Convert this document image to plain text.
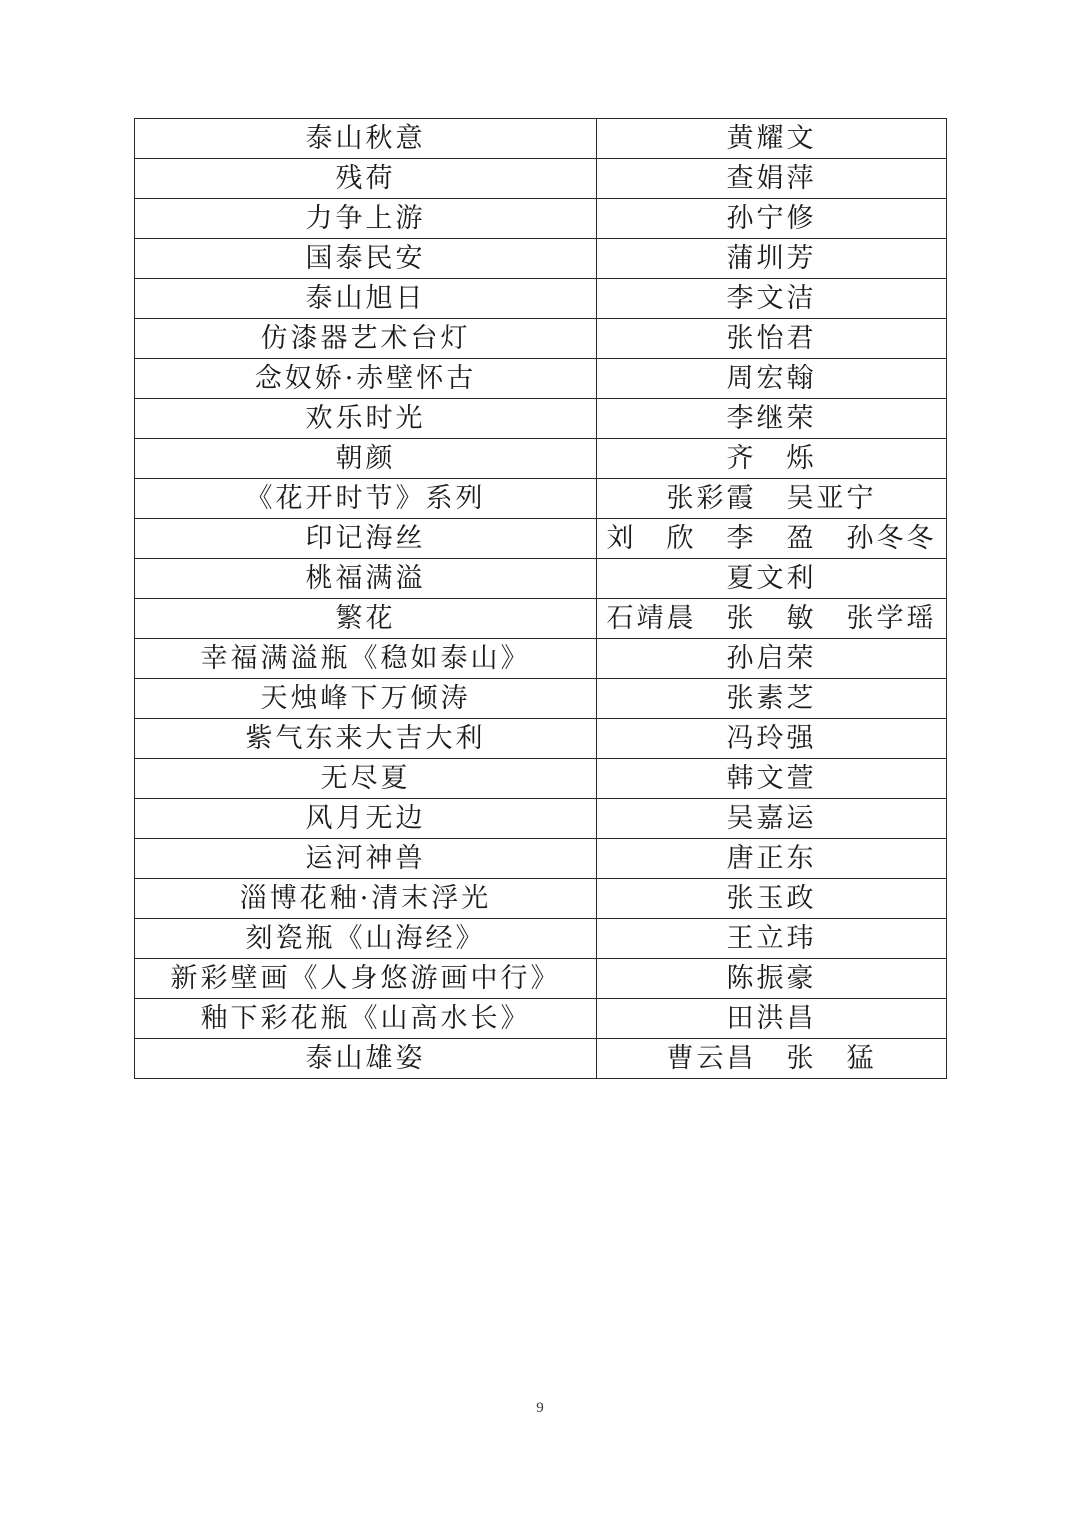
泰山秋意	黄耀文
残荷	查娟萍
力争上游	孙宁修
国泰民安	蒲圳芳
泰山旭日	李文洁
仿漆器艺术台灯	张怡君
念奴娇·赤壁怀古	周宏翰
欢乐时光	李继荣
朝颜	齐　烁
《花开时节》系列	张彩霞　吴亚宁
印记海丝	刘　欣　李　盈　孙冬冬
桃福满溢	夏文利
繁花	石靖晨　张　敏　张学瑶
幸福满溢瓶《稳如泰山》	孙启荣
天烛峰下万倾涛	张素芝
紫气东来大吉大利	冯玲强
无尽夏	韩文萱
风月无边	吴嘉运
运河神兽	唐正东
淄博花釉·清末浮光	张玉政
刻瓷瓶《山海经》	王立玮
新彩壁画《人身悠游画中行》	陈振豪
釉下彩花瓶《山高水长》	田洪昌
泰山雄姿	曹云昌　张　猛
9
